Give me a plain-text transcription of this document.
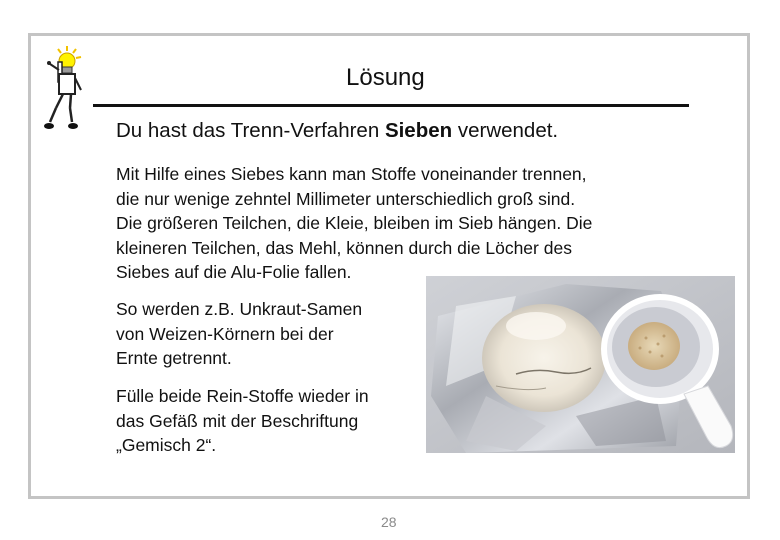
Lösung
Du hast das Trenn-Verfahren Sieben verwendet.
Mit Hilfe eines Siebes kann man Stoffe voneinander trennen,
die nur wenige zehntel Millimeter unterschiedlich groß sind.
Die größeren Teilchen, die Kleie, bleiben im Sieb hängen. Die
kleineren Teilchen, das Mehl, können durch die Löcher des
Siebes auf die Alu-Folie fallen.
So werden z.B. Unkraut-Samen
von Weizen-Körnern bei der
Ernte getrennt.
Fülle beide Rein-Stoffe wieder in
das Gefäß mit der Beschriftung
„Gemisch 2“.
28
